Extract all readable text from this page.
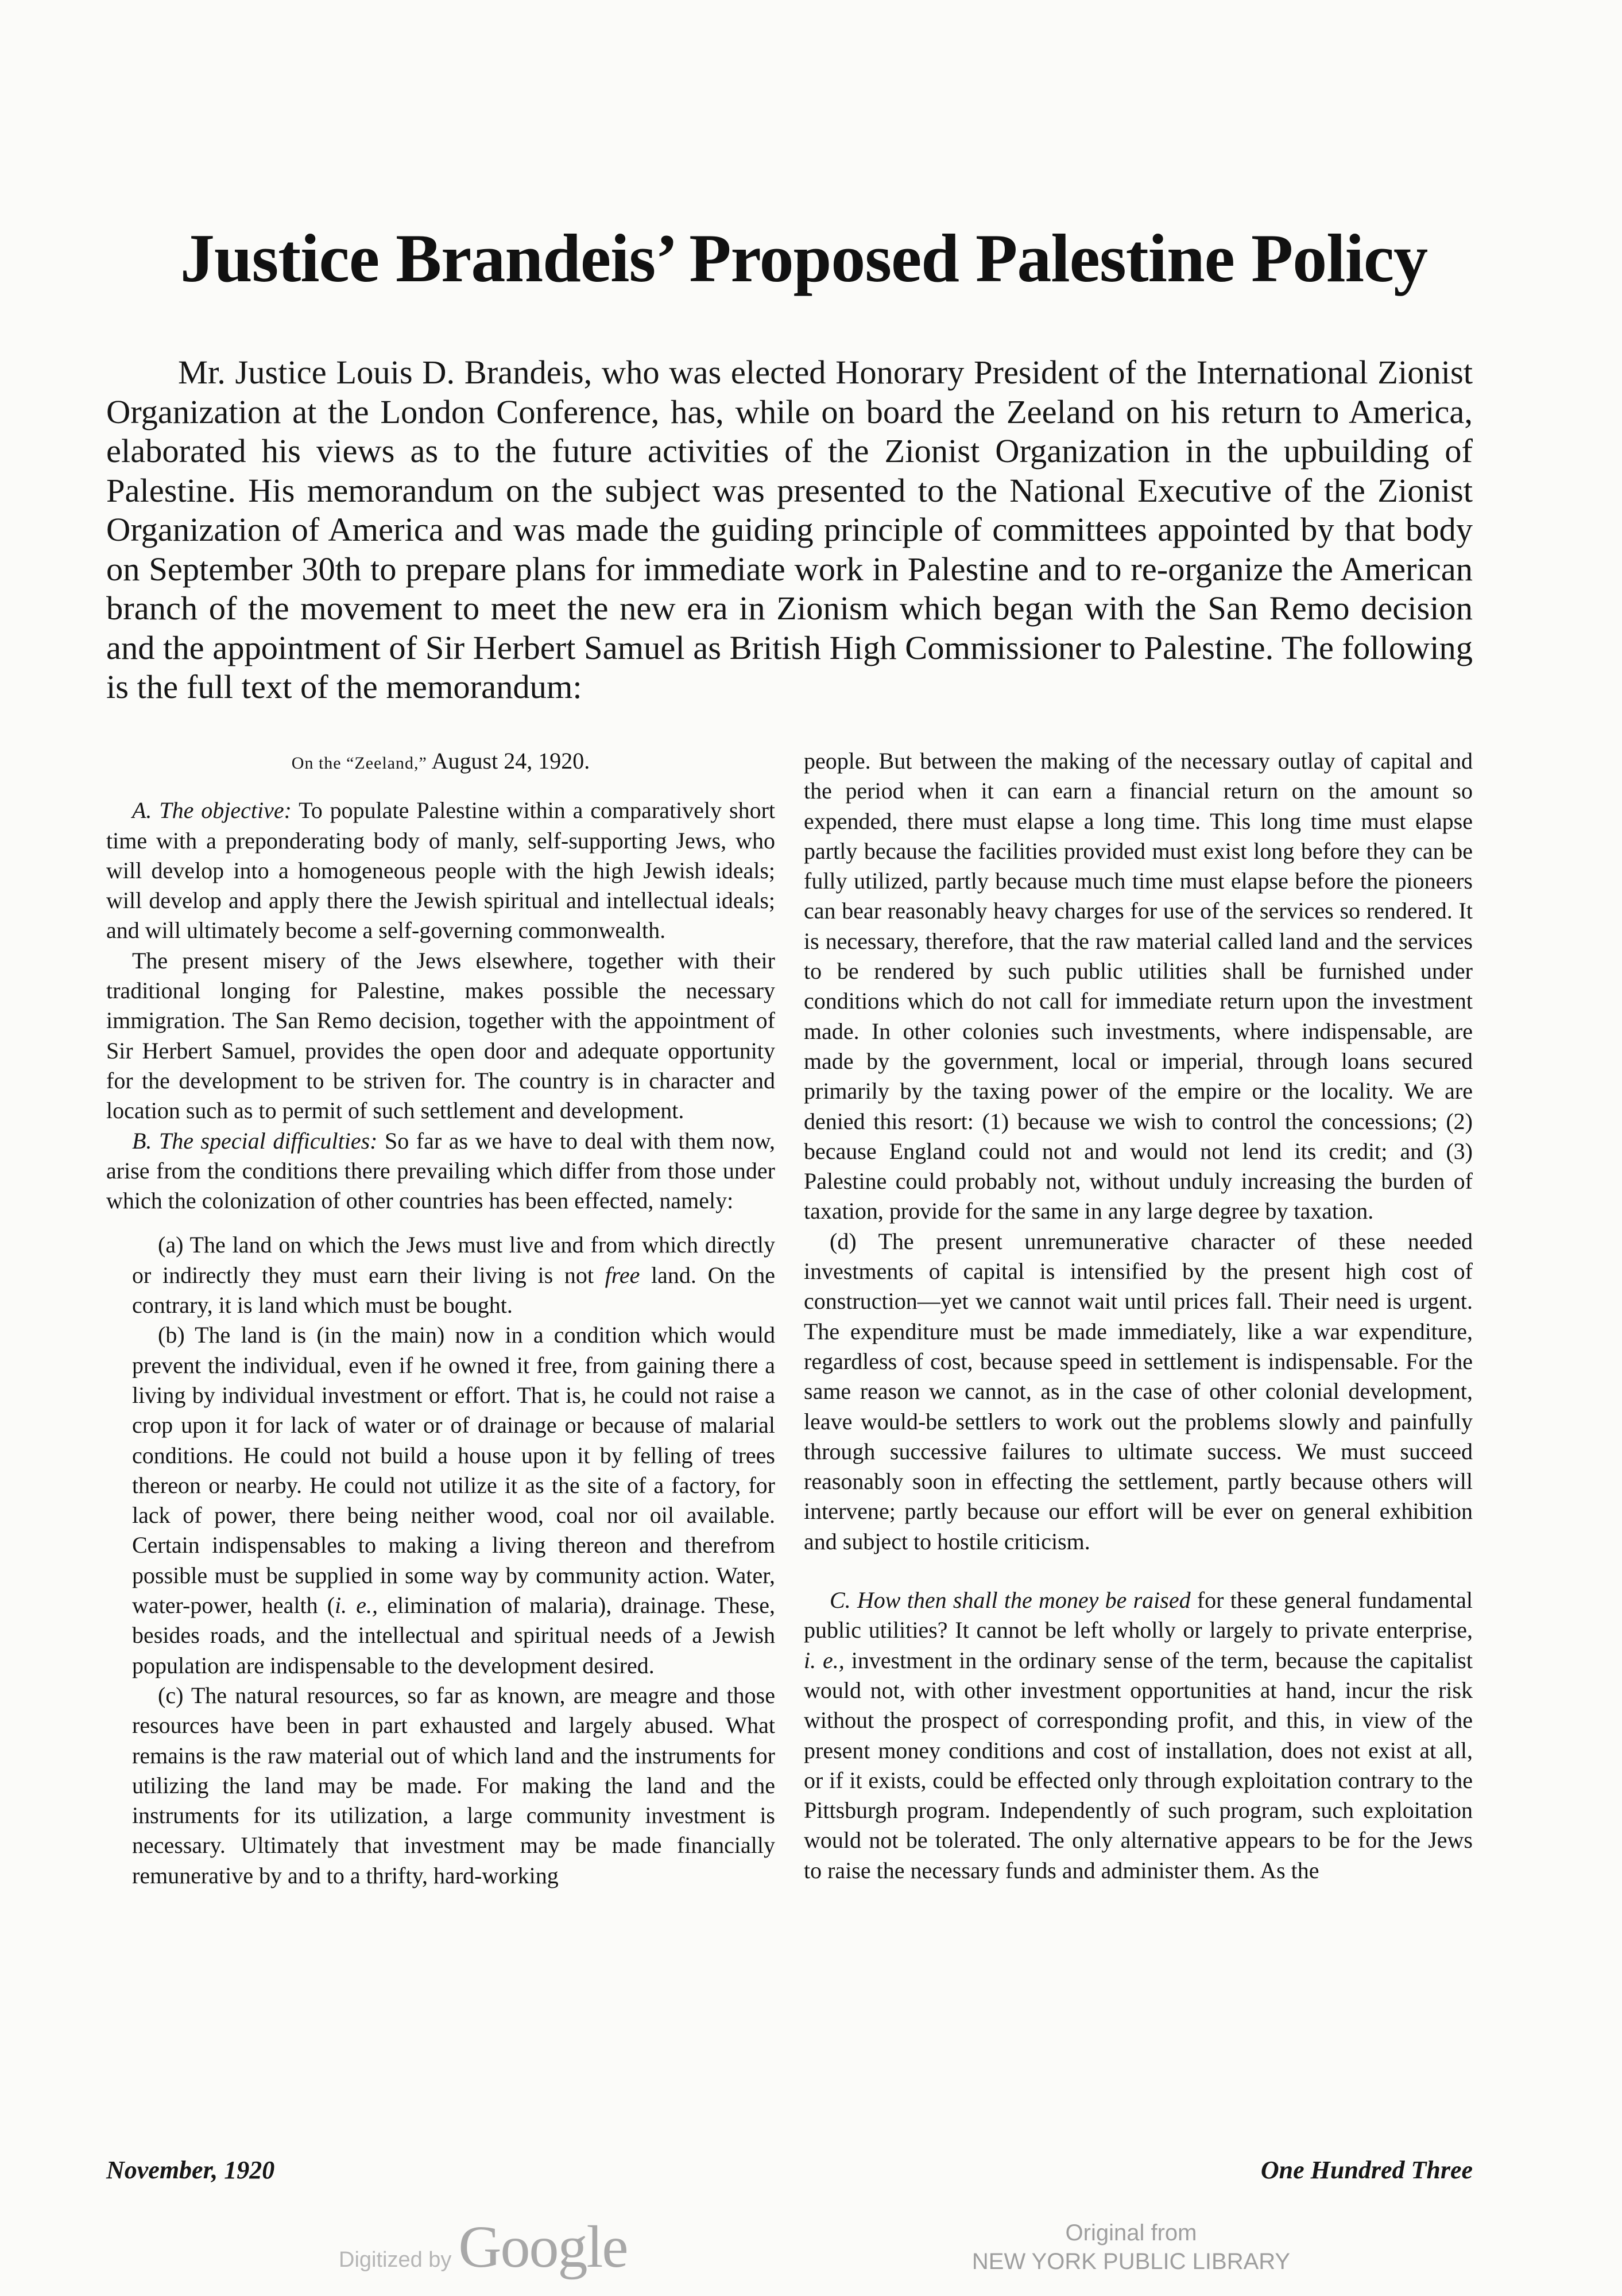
Justice Brandeis’ Proposed Palestine Policy

Mr. Justice Louis D. Brandeis, who was elected Honorary President of the International Zionist Organization at the London Conference, has, while on board the Zeeland on his return to America, elaborated his views as to the future activities of the Zionist Organization in the upbuilding of Palestine. His memorandum on the subject was presented to the National Executive of the Zionist Organization of America and was made the guiding principle of committees appointed by that body on September 30th to prepare plans for immediate work in Palestine and to re-organize the American branch of the movement to meet the new era in Zionism which began with the San Remo decision and the appointment of Sir Herbert Samuel as British High Commissioner to Palestine. The following is the full text of the memorandum:

On the “Zeeland,” August 24, 1920.

A. The objective: To populate Palestine within a comparatively short time with a preponderating body of manly, self-supporting Jews, who will develop into a homogeneous people with the high Jewish ideals; will develop and apply there the Jewish spiritual and intellectual ideals; and will ultimately become a self-governing commonwealth.

The present misery of the Jews elsewhere, together with their traditional longing for Palestine, makes possible the necessary immigration. The San Remo decision, together with the appointment of Sir Herbert Samuel, provides the open door and adequate opportunity for the development to be striven for. The country is in character and location such as to permit of such settlement and development.

B. The special difficulties: So far as we have to deal with them now, arise from the conditions there prevailing which differ from those under which the colonization of other countries has been effected, namely:

(a) The land on which the Jews must live and from which directly or indirectly they must earn their living is not free land. On the contrary, it is land which must be bought.

(b) The land is (in the main) now in a condition which would prevent the individual, even if he owned it free, from gaining there a living by individual investment or effort. That is, he could not raise a crop upon it for lack of water or of drainage or because of malarial conditions. He could not build a house upon it by felling of trees thereon or nearby. He could not utilize it as the site of a factory, for lack of power, there being neither wood, coal nor oil available. Certain indispensables to making a living thereon and therefrom possible must be supplied in some way by community action. Water, water-power, health (i. e., elimination of malaria), drainage. These, besides roads, and the intellectual and spiritual needs of a Jewish population are indispensable to the development desired.

(c) The natural resources, so far as known, are meagre and those resources have been in part exhausted and largely abused. What remains is the raw material out of which land and the instruments for utilizing the land may be made. For making the land and the instruments for its utilization, a large community investment is necessary. Ultimately that investment may be made financially remunerative by and to a thrifty, hard-working

people. But between the making of the necessary outlay of capital and the period when it can earn a financial return on the amount so expended, there must elapse a long time. This long time must elapse partly because the facilities provided must exist long before they can be fully utilized, partly because much time must elapse before the pioneers can bear reasonably heavy charges for use of the services so rendered. It is necessary, therefore, that the raw material called land and the services to be rendered by such public utilities shall be furnished under conditions which do not call for immediate return upon the investment made. In other colonies such investments, where indispensable, are made by the government, local or imperial, through loans secured primarily by the taxing power of the empire or the locality. We are denied this resort: (1) because we wish to control the concessions; (2) because England could not and would not lend its credit; and (3) Palestine could probably not, without unduly increasing the burden of taxation, provide for the same in any large degree by taxation.

(d) The present unremunerative character of these needed investments of capital is intensified by the present high cost of construction—yet we cannot wait until prices fall. Their need is urgent. The expenditure must be made immediately, like a war expenditure, regardless of cost, because speed in settlement is indispensable. For the same reason we cannot, as in the case of other colonial development, leave would-be settlers to work out the problems slowly and painfully through successive failures to ultimate success. We must succeed reasonably soon in effecting the settlement, partly because others will intervene; partly because our effort will be ever on general exhibition and subject to hostile criticism.

C. How then shall the money be raised for these general fundamental public utilities? It cannot be left wholly or largely to private enterprise, i. e., investment in the ordinary sense of the term, because the capitalist would not, with other investment opportunities at hand, incur the risk without the prospect of corresponding profit, and this, in view of the present money conditions and cost of installation, does not exist at all, or if it exists, could be effected only through exploitation contrary to the Pittsburgh program. Independently of such program, such exploitation would not be tolerated. The only alternative appears to be for the Jews to raise the necessary funds and administer them. As the

November, 1920	One Hundred Three
Digitized by Google	Original from
NEW YORK PUBLIC LIBRARY
